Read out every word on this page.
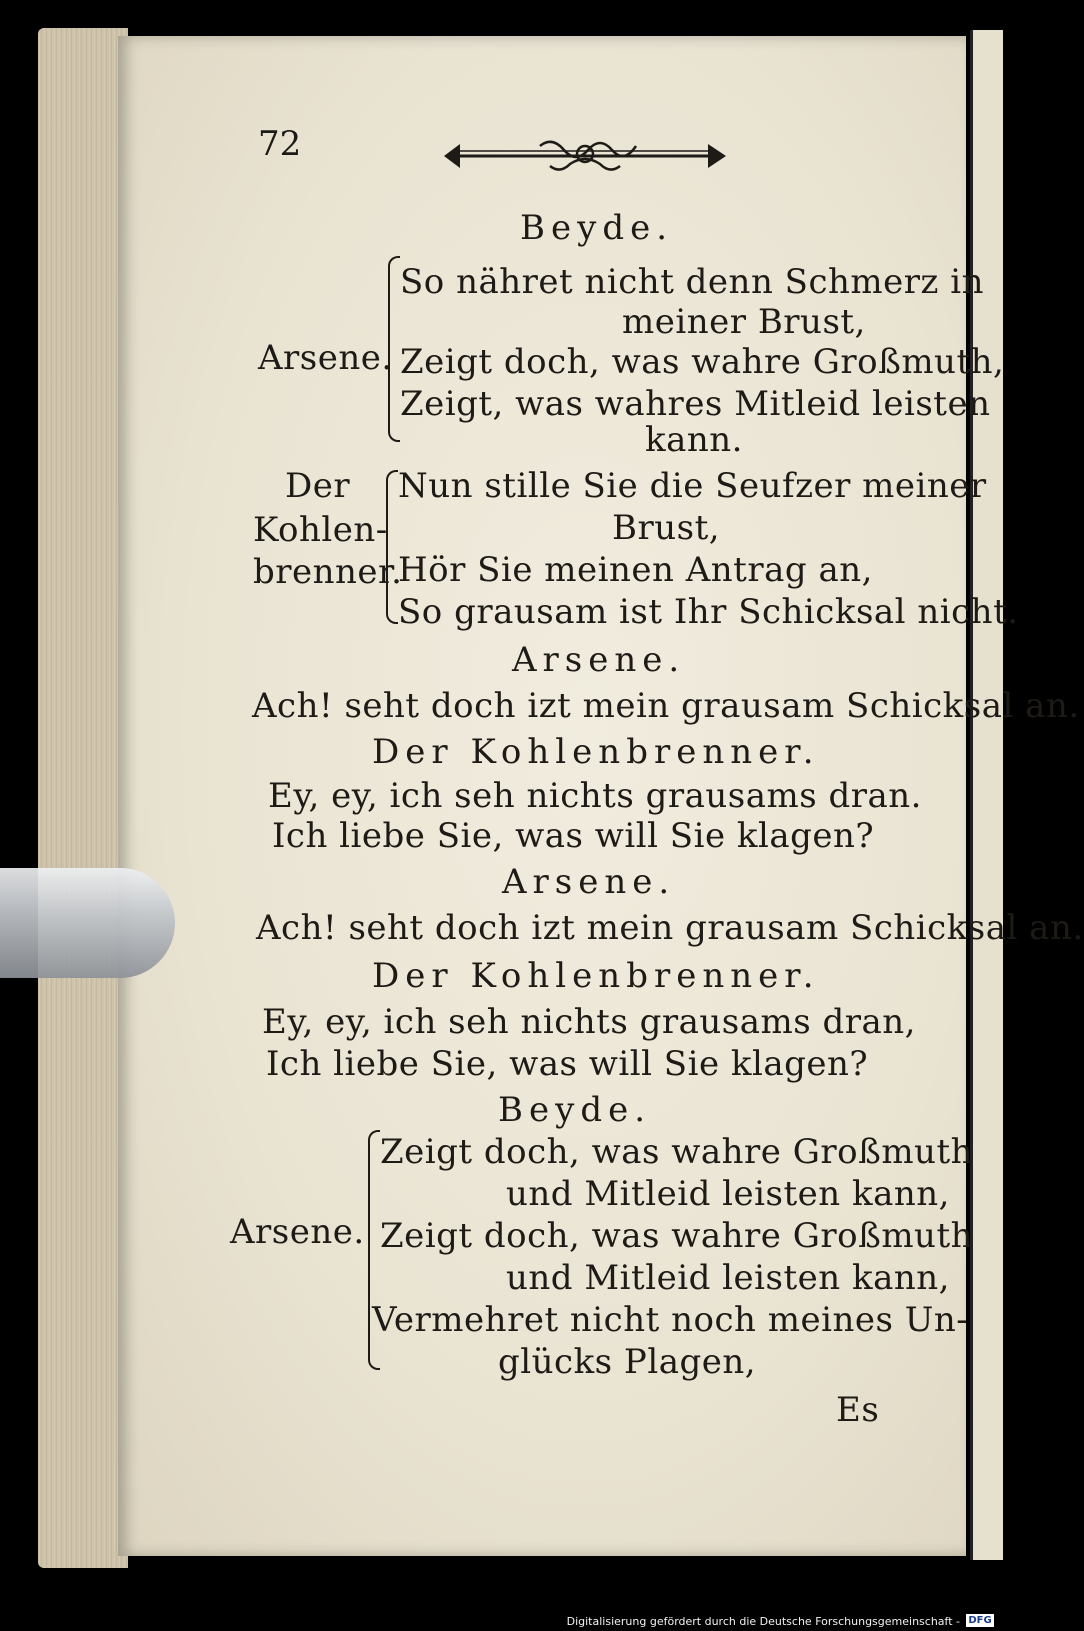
72
Beyde.
Arsene.
So nähret nicht denn Schmerz in
meiner Brust,
Zeigt doch, was wahre Großmuth,
Zeigt, was wahres Mitleid leisten
kann.
Der
Kohlen-
brenner.
Nun stille Sie die Seufzer meiner
Brust,
Hör Sie meinen Antrag an,
So grausam ist Ihr Schicksal nicht.
Arsene.
Ach! seht doch izt mein grausam Schicksal an.
Der Kohlenbrenner.
Ey, ey, ich seh nichts grausams dran.
Ich liebe Sie, was will Sie klagen?
Arsene.
Ach! seht doch izt mein grausam Schicksal an.
Der Kohlenbrenner.
Ey, ey, ich seh nichts grausams dran,
Ich liebe Sie, was will Sie klagen?
Beyde.
Arsene.
Zeigt doch, was wahre Großmuth
und Mitleid leisten kann,
Zeigt doch, was wahre Großmuth
und Mitleid leisten kann,
Vermehret nicht noch meines Un-
glücks Plagen,
Es
Digitalisierung gefördert durch die Deutsche Forschungsgemeinschaft - DFG
